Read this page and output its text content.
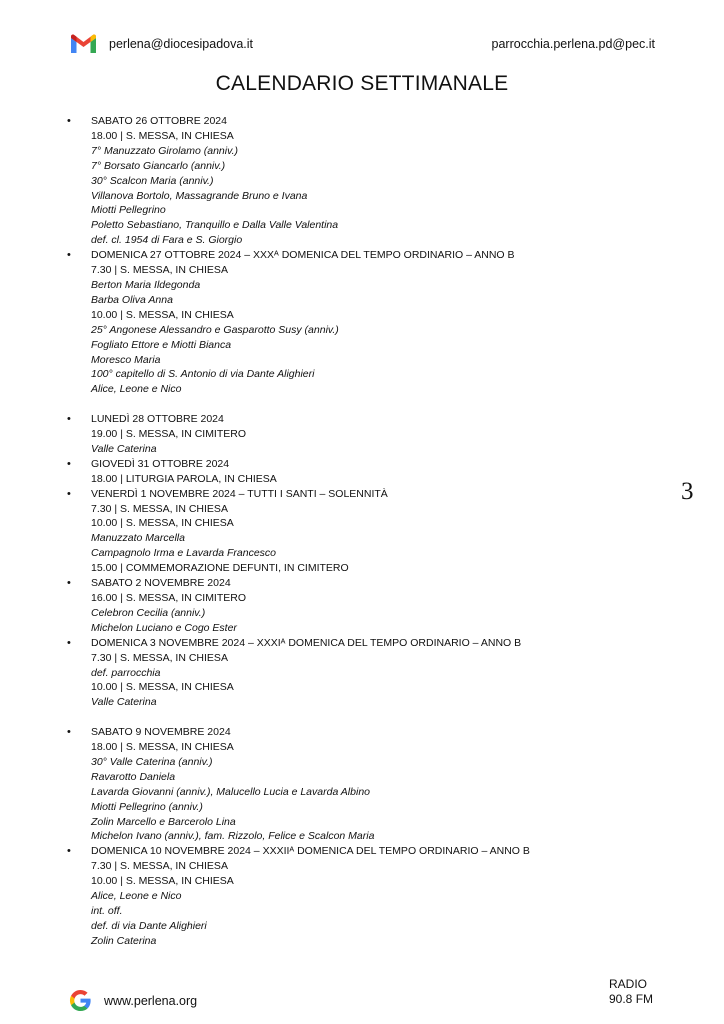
perlena@diocesipadova.it	parrocchia.perlena.pd@pec.it
CALENDARIO SETTIMANALE
3
• SABATO 26 OTTOBRE 2024
18.00 | S. MESSA, IN CHIESA
7° Manuzzato Girolamo (anniv.)
7° Borsato Giancarlo (anniv.)
30° Scalcon Maria (anniv.)
Villanova Bortolo, Massagrande Bruno e Ivana
Miotti Pellegrino
Poletto Sebastiano, Tranquillo e Dalla Valle Valentina
def. cl. 1954 di Fara e S. Giorgio
• DOMENICA 27 OTTOBRE 2024 – XXXᴬ DOMENICA DEL TEMPO ORDINARIO – ANNO B
7.30 | S. MESSA, IN CHIESA
Berton Maria Ildegonda
Barba Oliva Anna
10.00 | S. MESSA, IN CHIESA
25° Angonese Alessandro e Gasparotto Susy (anniv.)
Fogliato Ettore e Miotti Bianca
Moresco Maria
100° capitello di S. Antonio di via Dante Alighieri
Alice, Leone e Nico
• LUNEDÌ 28 OTTOBRE 2024
19.00 | S. MESSA, IN CIMITERO
Valle Caterina
• GIOVEDÌ 31 OTTOBRE 2024
18.00 | LITURGIA PAROLA, IN CHIESA
• VENERDÌ 1 NOVEMBRE 2024 – TUTTI I SANTI – SOLENNITÀ
7.30 | S. MESSA, IN CHIESA
10.00 | S. MESSA, IN CHIESA
Manuzzato Marcella
Campagnolo Irma e Lavarda Francesco
15.00 | COMMEMORAZIONE DEFUNTI, IN CIMITERO
• SABATO 2 NOVEMBRE 2024
16.00 | S. MESSA, IN CIMITERO
Celebron Cecilia (anniv.)
Michelon Luciano e Cogo Ester
• DOMENICA 3 NOVEMBRE 2024 – XXXIᴬ DOMENICA DEL TEMPO ORDINARIO – ANNO B
7.30 | S. MESSA, IN CHIESA
def. parrocchia
10.00 | S. MESSA, IN CHIESA
Valle Caterina
• SABATO 9 NOVEMBRE 2024
18.00 | S. MESSA, IN CHIESA
30° Valle Caterina (anniv.)
Ravarotto Daniela
Lavarda Giovanni (anniv.), Malucello Lucia e Lavarda Albino
Miotti Pellegrino (anniv.)
Zolin Marcello e Barcerolo Lina
Michelon Ivano (anniv.), fam. Rizzolo, Felice e Scalcon Maria
• DOMENICA 10 NOVEMBRE 2024 – XXXIIᴬ DOMENICA DEL TEMPO ORDINARIO – ANNO B
7.30 | S. MESSA, IN CHIESA
10.00 | S. MESSA, IN CHIESA
Alice, Leone e Nico
int. off.
def. di via Dante Alighieri
Zolin Caterina
www.perlena.org
RADIO
90.8 FM
